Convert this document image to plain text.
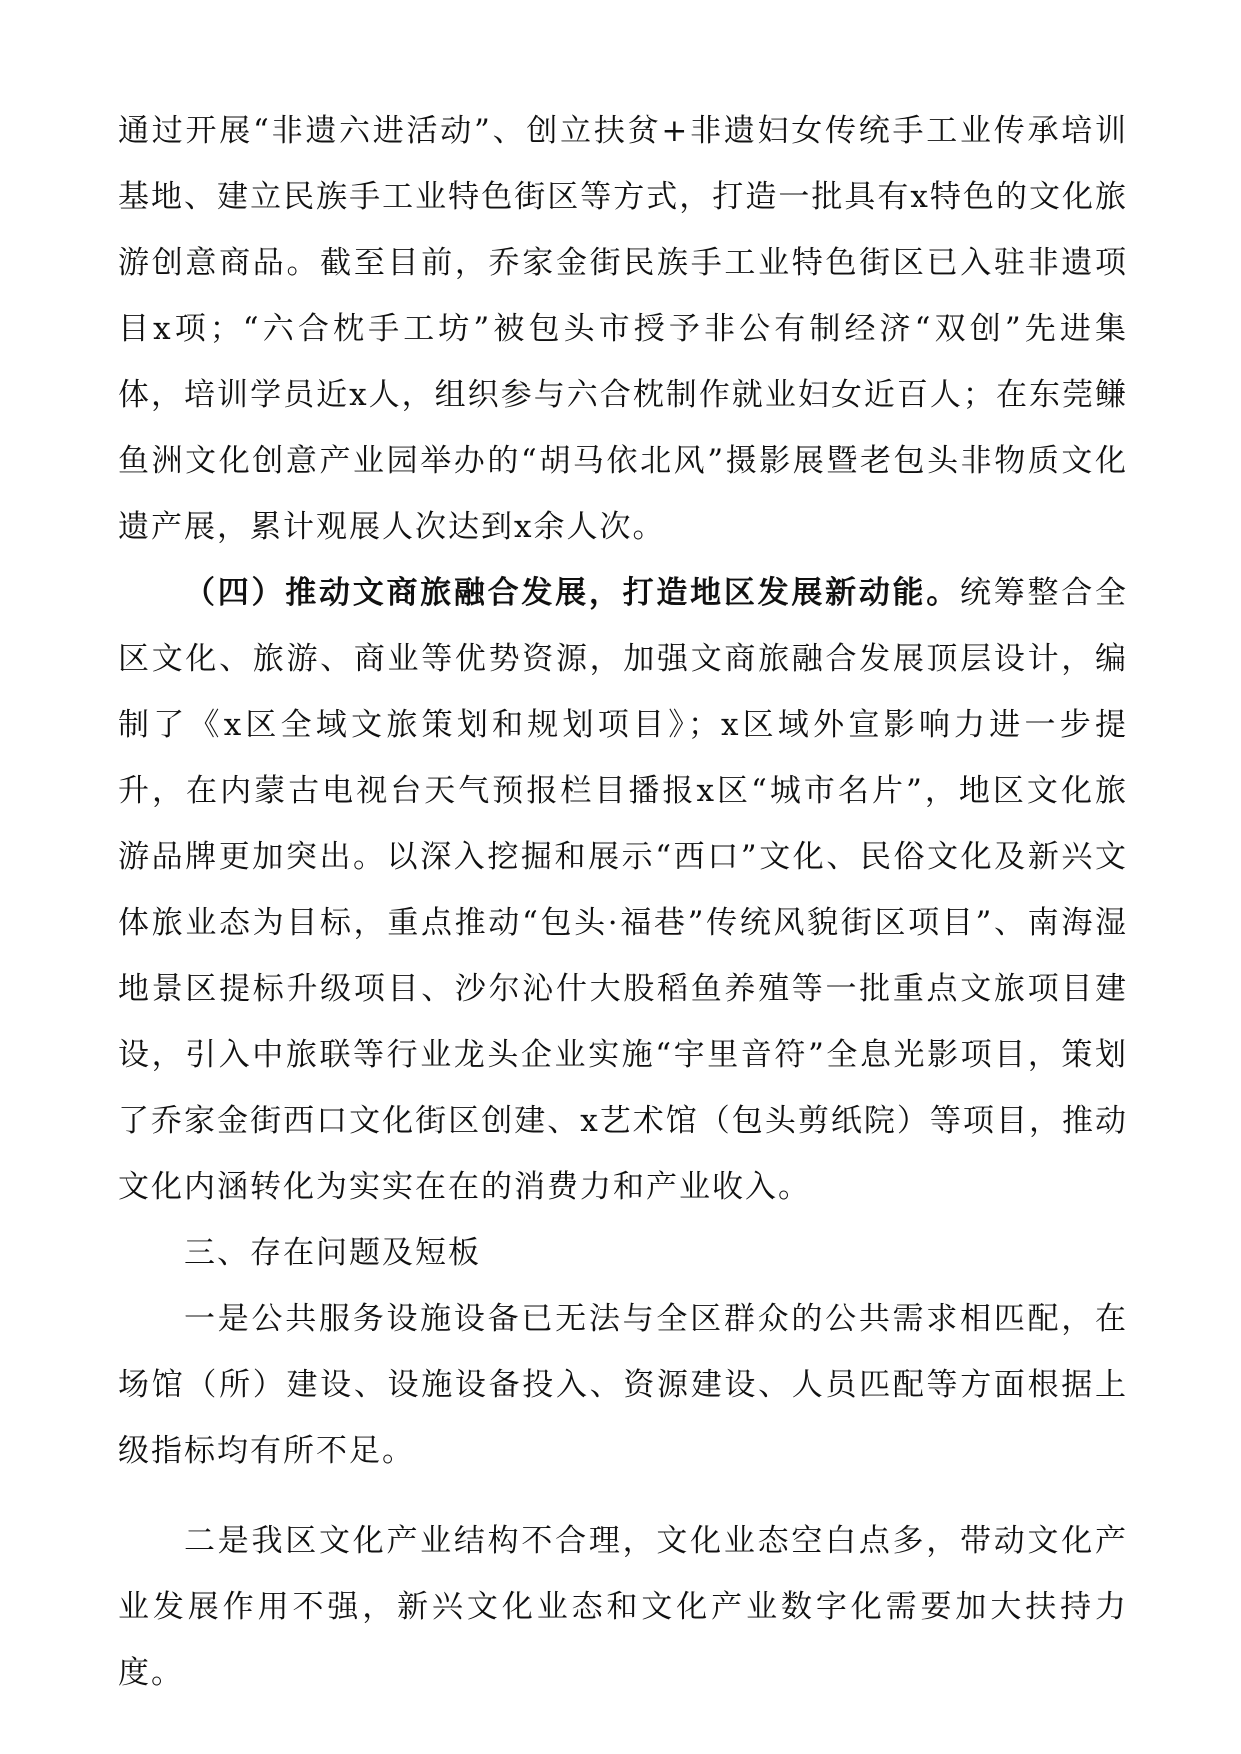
通过开展“非遗六进活动”、创立扶贫+非遗妇女传统手工业传承培训基地、建立民族手工业特色街区等方式，打造一批具有x特色的文化旅游创意商品。截至目前，乔家金街民族手工业特色街区已入驻非遗项目x项；“六合枕手工坊”被包头市授予非公有制经济“双创”先进集体，培训学员近x人，组织参与六合枕制作就业妇女近百人；在东莞鳒鱼洲文化创意产业园举办的“胡马依北风”摄影展暨老包头非物质文化遗产展，累计观展人次达到x余人次。

（四）推动文商旅融合发展，打造地区发展新动能。统筹整合全区文化、旅游、商业等优势资源，加强文商旅融合发展顶层设计，编制了《x区全域文旅策划和规划项目》；x区域外宣影响力进一步提升，在内蒙古电视台天气预报栏目播报x区“城市名片”，地区文化旅游品牌更加突出。以深入挖掘和展示“西口”文化、民俗文化及新兴文体旅业态为目标，重点推动“包头·福巷”传统风貌街区项目”、南海湿地景区提标升级项目、沙尔沁什大股稻鱼养殖等一批重点文旅项目建设，引入中旅联等行业龙头企业实施“宇里音符”全息光影项目，策划了乔家金街西口文化街区创建、x艺术馆（包头剪纸院）等项目，推动文化内涵转化为实实在在的消费力和产业收入。

三、存在问题及短板

一是公共服务设施设备已无法与全区群众的公共需求相匹配，在场馆（所）建设、设施设备投入、资源建设、人员匹配等方面根据上级指标均有所不足。

二是我区文化产业结构不合理，文化业态空白点多，带动文化产业发展作用不强，新兴文化业态和文化产业数字化需要加大扶持力度。
